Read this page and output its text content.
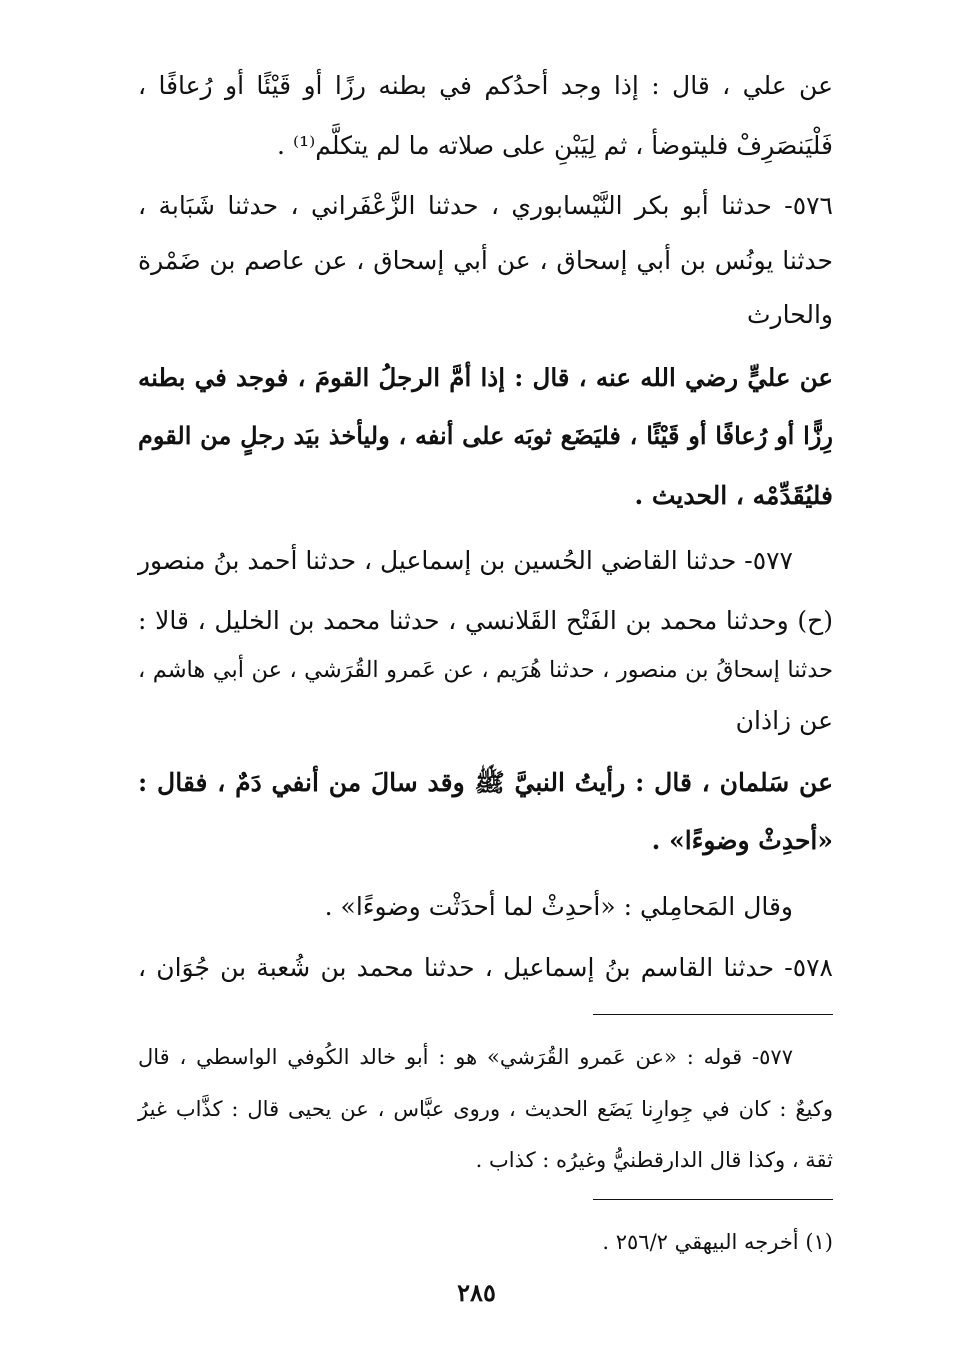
عن علي ، قال : إذا وجد أحدُكم في بطنه رزًا أو قَيْئًا أو رُعافًا ،
فَلْيَنصَرِفْ فليتوضأ ، ثم لِيَبْنِ على صلاته ما لم يتكلَّم⁽¹⁾ .
٥٧٦- حدثنا أبو بكر النَّيْسابوري ، حدثنا الزَّعْفَراني ، حدثنا شَبَابة ،
حدثنا يونُس بن أبي إسحاق ، عن أبي إسحاق ، عن عاصم بن ضَمْرة
والحارث
عن عليٍّ رضي الله عنه ، قال : إذا أمَّ الرجلُ القومَ ، فوجد في بطنه
رِزًّا أو رُعافًا أو قَيْئًا ، فليَضَع ثوبَه على أنفه ، وليأخذ بيَد رجلٍ من القوم
فليُقَدِّمْه ، الحديث .
٥٧٧- حدثنا القاضي الحُسين بن إسماعيل ، حدثنا أحمد بنُ منصور
(ح) وحدثنا محمد بن الفَتْح القَلانسي ، حدثنا محمد بن الخليل ، قالا :
حدثنا إسحاقُ بن منصور ، حدثنا هُرَيم ، عن عَمرو القُرَشي ، عن أبي هاشم ،
عن زاذان
عن سَلمان ، قال : رأيتُ النبيَّ ﷺ وقد سالَ من أنفي دَمٌ ، فقال :
«أحدِثْ وضوءًا» .
وقال المَحامِلي : «أحدِثْ لما أحدَثْت وضوءًا» .
٥٧٨- حدثنا القاسم بنُ إسماعيل ، حدثنا محمد بن شُعبة بن جُوَان ،
٥٧٧- قوله : «عن عَمرو القُرَشي» هو : أبو خالد الكُوفي الواسطي ، قال
وكيعٌ : كان في جِوارِنا يَضَع الحديث ، وروى عبَّاس ، عن يحيى قال : كذَّاب غيرُ
ثقة ، وكذا قال الدارقطنيُّ وغيرُه : كذاب .
(١) أخرجه البيهقي ٢٥٦/٢ .
٢٨٥
